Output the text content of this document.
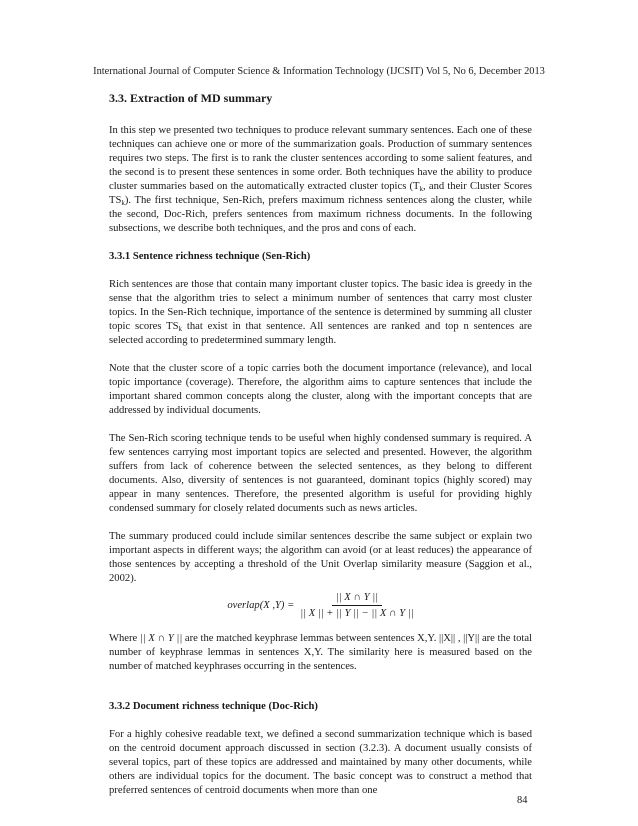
International Journal of Computer Science & Information Technology (IJCSIT) Vol 5, No 6, December 2013
3.3. Extraction of MD summary

In this step we presented two techniques to produce relevant summary sentences. Each one of these techniques can achieve one or more of the summarization goals. Production of summary sentences requires two steps. The first is to rank the cluster sentences according to some salient features, and the second is to present these sentences in some order. Both techniques have the ability to produce cluster summaries based on the automatically extracted cluster topics ($T_k$, and their Cluster Scores $TS_k$). The first technique, Sen-Rich, prefers maximum richness sentences along the cluster, while the second, Doc-Rich, prefers sentences from maximum richness documents. In the following subsections, we describe both techniques, and the pros and cons of each.

3.3.1 Sentence richness technique (Sen-Rich)

Rich sentences are those that contain many important cluster topics. The basic idea is greedy in the sense that the algorithm tries to select a minimum number of sentences that carry most cluster topics. In the Sen-Rich technique, importance of the sentence is determined by summing all cluster topic scores $TS_k$ that exist in that sentence. All sentences are ranked and top n sentences are selected according to predetermined summary length.

Note that the cluster score of a topic carries both the document importance (relevance), and local topic importance (coverage). Therefore, the algorithm aims to capture sentences that include the important shared common concepts along the cluster, along with the important concepts that are addressed by individual documents.

The Sen-Rich scoring technique tends to be useful when highly condensed summary is required. A few sentences carrying most important topics are selected and presented. However, the algorithm suffers from lack of coherence between the selected sentences, as they belong to different documents. Also, diversity of sentences is not guaranteed, dominant topics (highly scored) may appear in many sentences. Therefore, the presented algorithm is useful for providing highly condensed summary for closely related documents such as news articles.

The summary produced could include similar sentences describe the same subject or explain two important aspects in different ways; the algorithm can avoid (or at least reduces) the appearance of those sentences by accepting a threshold of the Unit Overlap similarity measure (Saggion et al., 2002).

overlap(X $,Y) = \frac{|| X \cap Y ||}{|| X || + || Y || - || X \cap Y ||}$

Where || X ∩ Y || are the matched keyphrase lemmas between sentences X,Y. ||X|| , ||Y|| are the total number of keyphrase lemmas in sentences X,Y. The similarity here is measured based on the number of matched keyphrases occurring in the sentences.

3.3.2 Document richness technique (Doc-Rich)

For a highly cohesive readable text, we defined a second summarization technique which is based on the centroid document approach discussed in section (3.2.3). A document usually consists of several topics, part of these topics are addressed and maintained by many other documents, while others are individual topics for the document. The basic concept was to construct a method that preferred sentences of centroid documents when more than one

84
